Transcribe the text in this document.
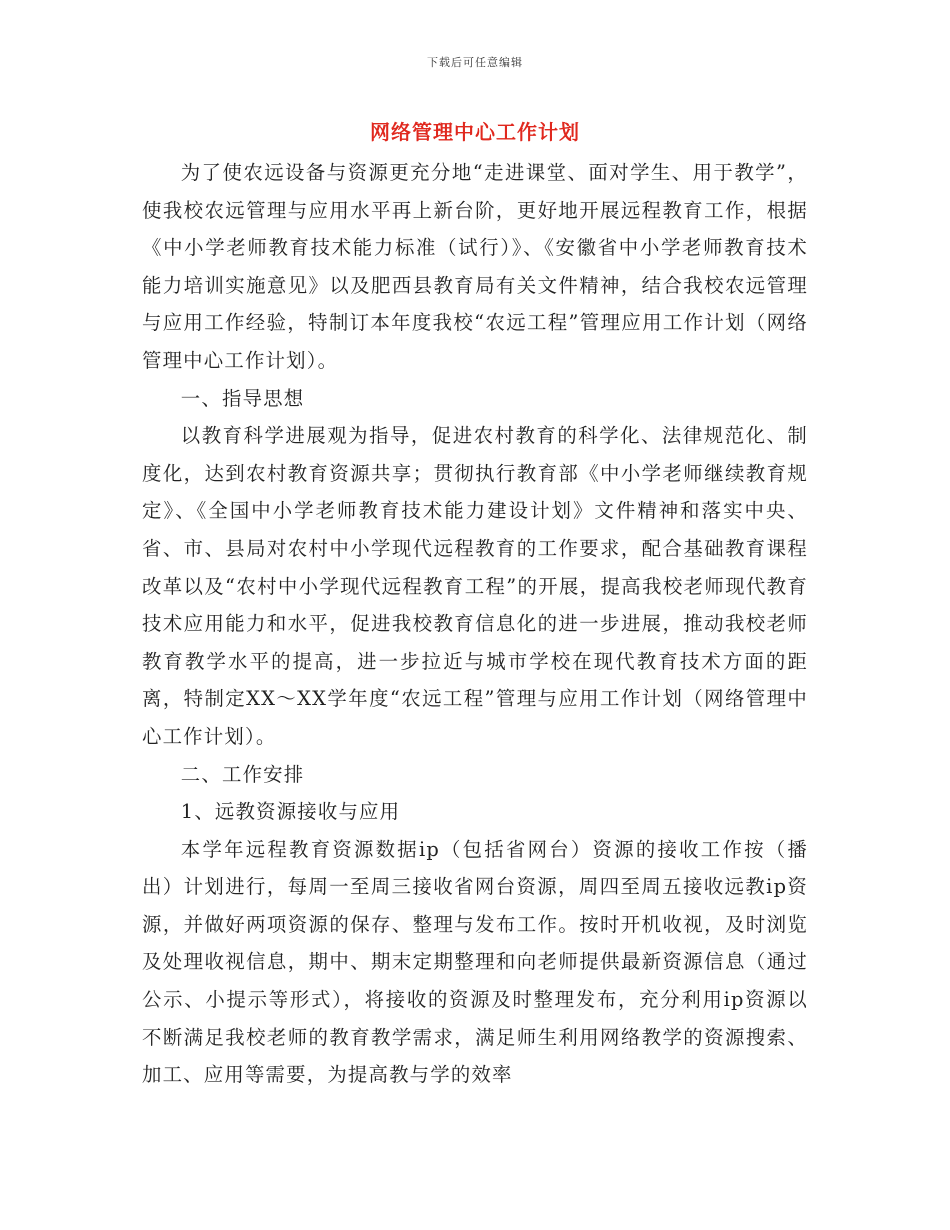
下载后可任意编辑
网络管理中心工作计划

为了使农远设备与资源更充分地“走进课堂、面对学生、用于教学”，使我校农远管理与应用水平再上新台阶，更好地开展远程教育工作，根据《中小学老师教育技术能力标准（试行）》、《安徽省中小学老师教育技术能力培训实施意见》以及肥西县教育局有关文件精神，结合我校农远管理与应用工作经验，特制订本年度我校“农远工程”管理应用工作计划（网络管理中心工作计划）。

一、指导思想

以教育科学进展观为指导，促进农村教育的科学化、法律规范化、制度化，达到农村教育资源共享；贯彻执行教育部《中小学老师继续教育规定》、《全国中小学老师教育技术能力建设计划》文件精神和落实中央、省、市、县局对农村中小学现代远程教育的工作要求，配合基础教育课程改革以及“农村中小学现代远程教育工程”的开展，提高我校老师现代教育技术应用能力和水平，促进我校教育信息化的进一步进展，推动我校老师教育教学水平的提高，进一步拉近与城市学校在现代教育技术方面的距离，特制定XX～XX学年度“农远工程”管理与应用工作计划（网络管理中心工作计划）。

二、工作安排

1、远教资源接收与应用

本学年远程教育资源数据ip（包括省网台）资源的接收工作按（播出）计划进行，每周一至周三接收省网台资源，周四至周五接收远教ip资源，并做好两项资源的保存、整理与发布工作。按时开机收视，及时浏览及处理收视信息，期中、期末定期整理和向老师提供最新资源信息（通过公示、小提示等形式），将接收的资源及时整理发布，充分利用ip资源以不断满足我校老师的教育教学需求，满足师生利用网络教学的资源搜索、加工、应用等需要，为提高教与学的效率
